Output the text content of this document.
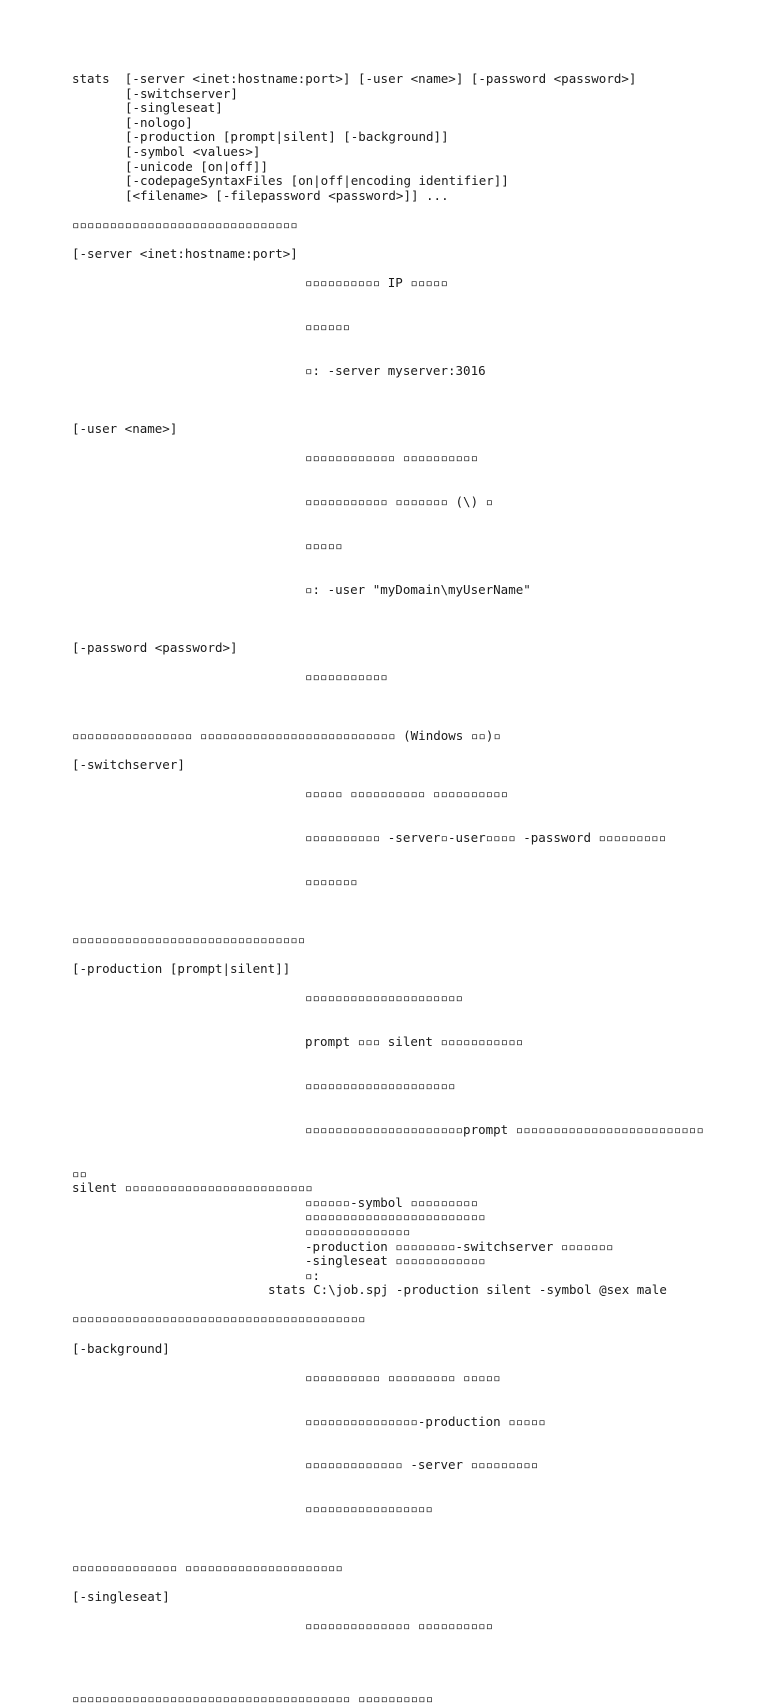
stats  [-server <inet:hostname:port>] [-user <name>] [-password <password>]
[-switchserver]
[-singleseat]
[-nologo]
[-production [prompt|silent] [-background]]
[-symbol <values>]
[-unicode [on|off]]
[-codepageSyntaxFiles [on|off|encoding identifier]]
[<filename> [-filepassword <password>]] ...
▫▫▫▫▫▫▫▫▫▫▫▫▫▫▫▫▫▫▫▫▫▫▫▫▫▫▫▫▫▫
[-server <inet:hostname:port>]

▫▫▫▫▫▫▫▫▫▫ IP ▫▫▫▫▫

▫▫▫▫▫▫

▫: -server myserver:3016

[-user <name>]

▫▫▫▫▫▫▫▫▫▫▫▫ ▫▫▫▫▫▫▫▫▫▫

▫▫▫▫▫▫▫▫▫▫▫ ▫▫▫▫▫▫▫ (\) ▫

▫▫▫▫▫

▫: -user "myDomain\myUserName"

[-password <password>]

▫▫▫▫▫▫▫▫▫▫▫

▫▫▫▫▫▫▫▫▫▫▫▫▫▫▫▫ ▫▫▫▫▫▫▫▫▫▫▫▫▫▫▫▫▫▫▫▫▫▫▫▫▫▫ (Windows ▫▫)▫
[-switchserver]

▫▫▫▫▫ ▫▫▫▫▫▫▫▫▫▫ ▫▫▫▫▫▫▫▫▫▫

▫▫▫▫▫▫▫▫▫▫ -server▫-user▫▫▫▫ -password ▫▫▫▫▫▫▫▫▫

▫▫▫▫▫▫▫

▫▫▫▫▫▫▫▫▫▫▫▫▫▫▫▫▫▫▫▫▫▫▫▫▫▫▫▫▫▫▫
[-production [prompt|silent]]

▫▫▫▫▫▫▫▫▫▫▫▫▫▫▫▫▫▫▫▫▫

prompt ▫▫▫ silent ▫▫▫▫▫▫▫▫▫▫▫

▫▫▫▫▫▫▫▫▫▫▫▫▫▫▫▫▫▫▫▫

▫▫▫▫▫▫▫▫▫▫▫▫▫▫▫▫▫▫▫▫▫prompt ▫▫▫▫▫▫▫▫▫▫▫▫▫▫▫▫▫▫▫▫▫▫▫▫▫

▫▫
silent ▫▫▫▫▫▫▫▫▫▫▫▫▫▫▫▫▫▫▫▫▫▫▫▫▫
▫▫▫▫▫▫-symbol ▫▫▫▫▫▫▫▫▫
▫▫▫▫▫▫▫▫▫▫▫▫▫▫▫▫▫▫▫▫▫▫▫▫
▫▫▫▫▫▫▫▫▫▫▫▫▫▫
-production ▫▫▫▫▫▫▫▫-switchserver ▫▫▫▫▫▫▫
-singleseat ▫▫▫▫▫▫▫▫▫▫▫▫
▫:
stats C:\job.spj -production silent -symbol @sex male
▫▫▫▫▫▫▫▫▫▫▫▫▫▫▫▫▫▫▫▫▫▫▫▫▫▫▫▫▫▫▫▫▫▫▫▫▫▫▫
[-background]

▫▫▫▫▫▫▫▫▫▫ ▫▫▫▫▫▫▫▫▫ ▫▫▫▫▫

▫▫▫▫▫▫▫▫▫▫▫▫▫▫▫-production ▫▫▫▫▫

▫▫▫▫▫▫▫▫▫▫▫▫▫ -server ▫▫▫▫▫▫▫▫▫

▫▫▫▫▫▫▫▫▫▫▫▫▫▫▫▫▫

▫▫▫▫▫▫▫▫▫▫▫▫▫▫ ▫▫▫▫▫▫▫▫▫▫▫▫▫▫▫▫▫▫▫▫▫
[-singleseat]

▫▫▫▫▫▫▫▫▫▫▫▫▫▫ ▫▫▫▫▫▫▫▫▫▫

▫▫▫▫▫▫▫▫▫▫▫▫▫▫▫▫▫▫▫▫▫▫▫▫▫▫▫▫▫▫▫▫▫▫▫▫▫ ▫▫▫▫▫▫▫▫▫▫
